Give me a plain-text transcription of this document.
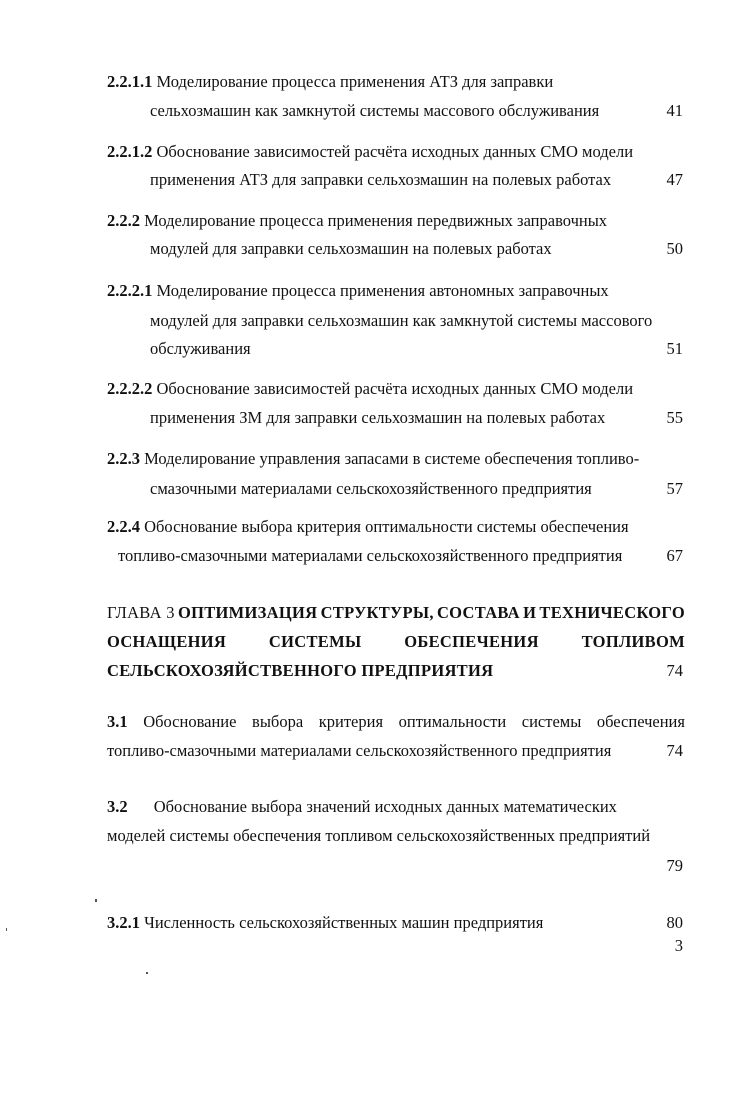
2.2.1.1 Моделирование процесса применения АТЗ для заправки
сельхозмашин как замкнутой системы массового обслуживания	41
2.2.1.2 Обоснование зависимостей расчёта исходных данных СМО модели
применения АТЗ для заправки сельхозмашин на полевых работах	47
2.2.2 Моделирование процесса применения передвижных заправочных
модулей для заправки сельхозмашин на полевых работах	50
2.2.2.1 Моделирование процесса применения автономных заправочных
модулей для заправки сельхозмашин как замкнутой системы массового
обслуживания	51
2.2.2.2 Обоснование зависимостей расчёта исходных данных СМО модели
применения ЗМ для заправки сельхозмашин на полевых работах	55
2.2.3 Моделирование управления запасами в системе обеспечения топливо-
смазочными материалами сельскохозяйственного предприятия	57
2.2.4 Обоснование выбора критерия оптимальности системы обеспечения
топливо-смазочными материалами сельскохозяйственного предприятия	67
ГЛАВА 3 ОПТИМИЗАЦИЯ СТРУКТУРЫ, СОСТАВА И ТЕХНИЧЕСКОГО
ОСНАЩЕНИЯ	СИСТЕМЫ	ОБЕСПЕЧЕНИЯ	ТОПЛИВОМ
СЕЛЬСКОХОЗЯЙСТВЕННОГО ПРЕДПРИЯТИЯ	74
3.1 Обоснование выбора критерия оптимальности системы обеспечения
топливо-смазочными материалами сельскохозяйственного предприятия	74
3.2 Обоснование выбора значений исходных данных математических
моделей системы обеспечения топливом сельскохозяйственных предприятий
79
3.2.1 Численность сельскохозяйственных машин предприятия	80
3
